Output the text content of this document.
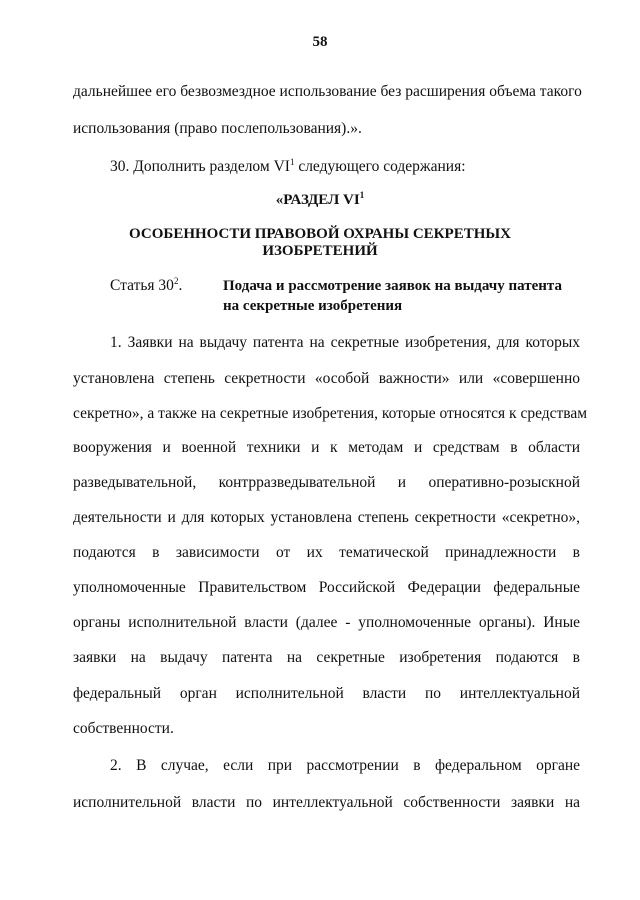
58
дальнейшее его безвозмездное использование без расширения объема такого
использования (право послепользования).».
30. Дополнить разделом $VI^1$ следующего содержания:
«РАЗДЕЛ $VI^1$
ОСОБЕННОСТИ ПРАВОВОЙ ОХРАНЫ СЕКРЕТНЫХ
ИЗОБРЕТЕНИЙ
Статья $30^2$.	Подача и рассмотрение заявок на выдачу патента
на секретные изобретения
1. Заявки на выдачу патента на секретные изобретения, для которых
установлена степень секретности «особой важности» или «совершенно
секретно», а также на секретные изобретения, которые относятся к средствам
вооружения и военной техники и к методам и средствам в области
разведывательной, контрразведывательной и оперативно-розыскной
деятельности и для которых установлена степень секретности «секретно»,
подаются в зависимости от их тематической принадлежности в
уполномоченные Правительством Российской Федерации федеральные
органы исполнительной власти (далее - уполномоченные органы). Иные
заявки на выдачу патента на секретные изобретения подаются в
федеральный орган исполнительной власти по интеллектуальной
собственности.
2. В случае, если при рассмотрении в федеральном органе
исполнительной власти по интеллектуальной собственности заявки на
